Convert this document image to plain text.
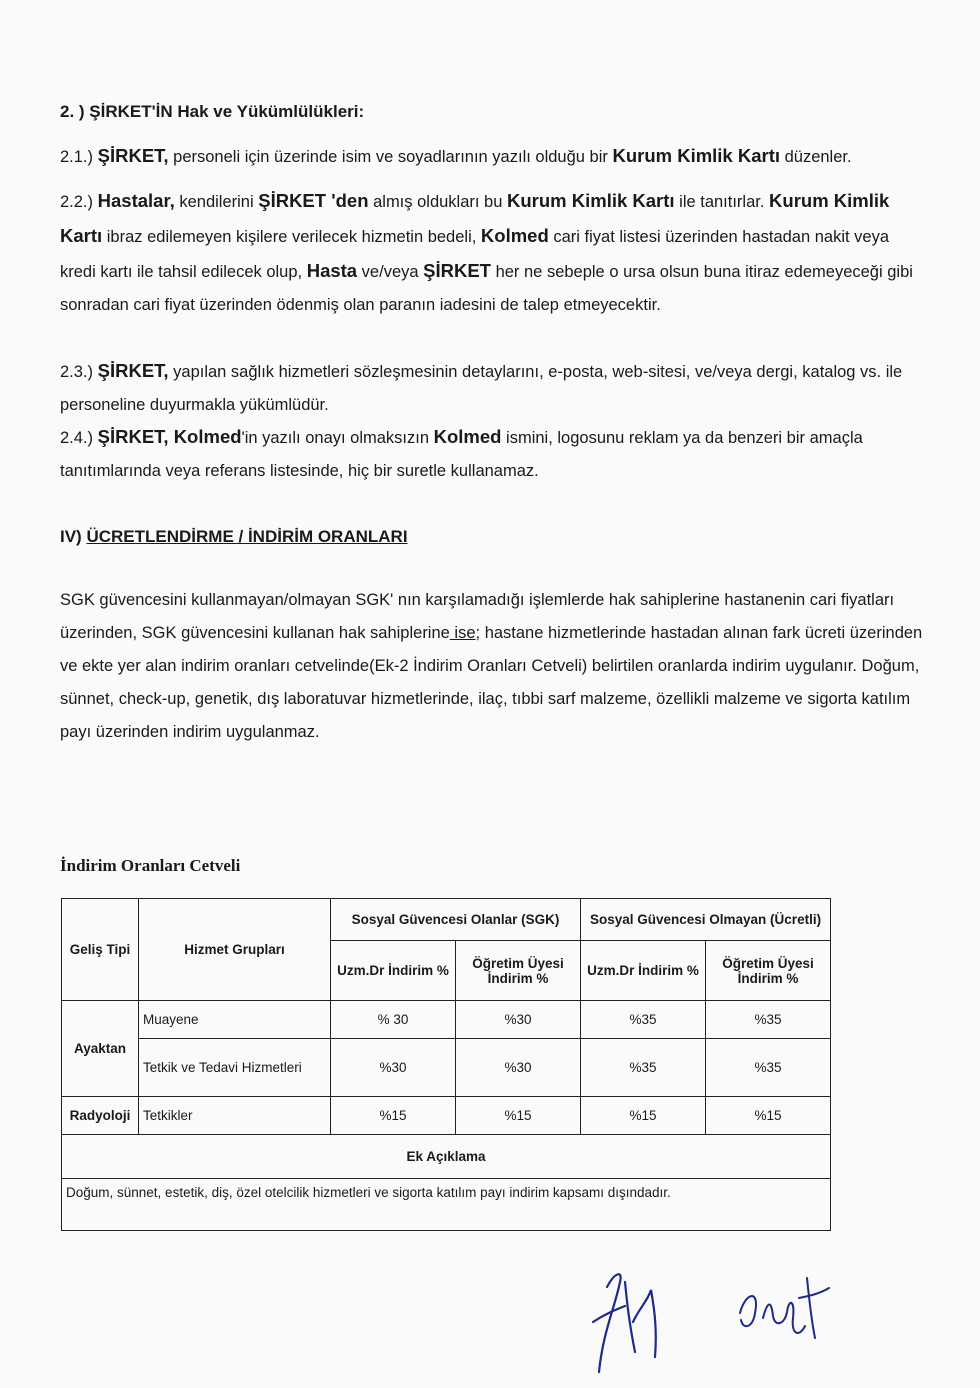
2. ) ŞİRKET'İN Hak ve Yükümlülükleri:

2.1.) ŞİRKET, personeli için üzerinde isim ve soyadlarının yazılı olduğu bir Kurum Kimlik Kartı düzenler.

2.2.) Hastalar, kendilerini ŞİRKET 'den almış oldukları bu Kurum Kimlik Kartı ile tanıtırlar. Kurum Kimlik Kartı ibraz edilemeyen kişilere verilecek hizmetin bedeli, Kolmed cari fiyat listesi üzerinden hastadan nakit veya kredi kartı ile tahsil edilecek olup, Hasta ve/veya ŞİRKET her ne sebeple o ursa olsun buna itiraz edemeyeceği gibi sonradan cari fiyat üzerinden ödenmiş olan paranın iadesini de talep etmeyecektir.

2.3.) ŞİRKET, yapılan sağlık hizmetleri sözleşmesinin detaylarını, e-posta, web-sitesi, ve/veya dergi, katalog vs. ile personeline duyurmakla yükümlüdür.

2.4.) ŞİRKET, Kolmed'in yazılı onayı olmaksızın Kolmed ismini, logosunu reklam ya da benzeri bir amaçla tanıtımlarında veya referans listesinde, hiç bir suretle kullanamaz.

IV) ÜCRETLENDİRME / İNDİRİM ORANLARI

SGK güvencesini kullanmayan/olmayan SGK' nın karşılamadığı işlemlerde hak sahiplerine hastanenin cari fiyatları üzerinden, SGK güvencesini kullanan hak sahiplerine ise; hastane hizmetlerinde hastadan alınan fark ücreti üzerinden ve ekte yer alan indirim oranları cetvelinde(Ek-2 İndirim Oranları Cetveli) belirtilen oranlarda indirim uygulanır. Doğum, sünnet, check-up, genetik, dış laboratuvar hizmetlerinde, ilaç, tıbbi sarf malzeme, özellikli malzeme ve sigorta katılım payı üzerinden indirim uygulanmaz.

İndirim Oranları Cetveli
Geliş Tipi	Hizmet Grupları	Sosyal Güvencesi Olanlar (SGK)		Sosyal Güvencesi Olmayan (Ücretli)	
		Uzm.Dr İndirim %	Öğretim Üyesi İndirim %	Uzm.Dr İndirim %	Öğretim Üyesi İndirim %
Ayaktan	Muayene	% 30	%30	%35	%35
	Tetkik ve Tedavi Hizmetleri	%30	%30	%35	%35
Radyoloji	Tetkikler	%15	%15	%15	%15
Ek Açıklama					
Doğum, sünnet, estetik, diş, özel otelcilik hizmetleri ve sigorta katılım payı indirim kapsamı dışındadır.					
